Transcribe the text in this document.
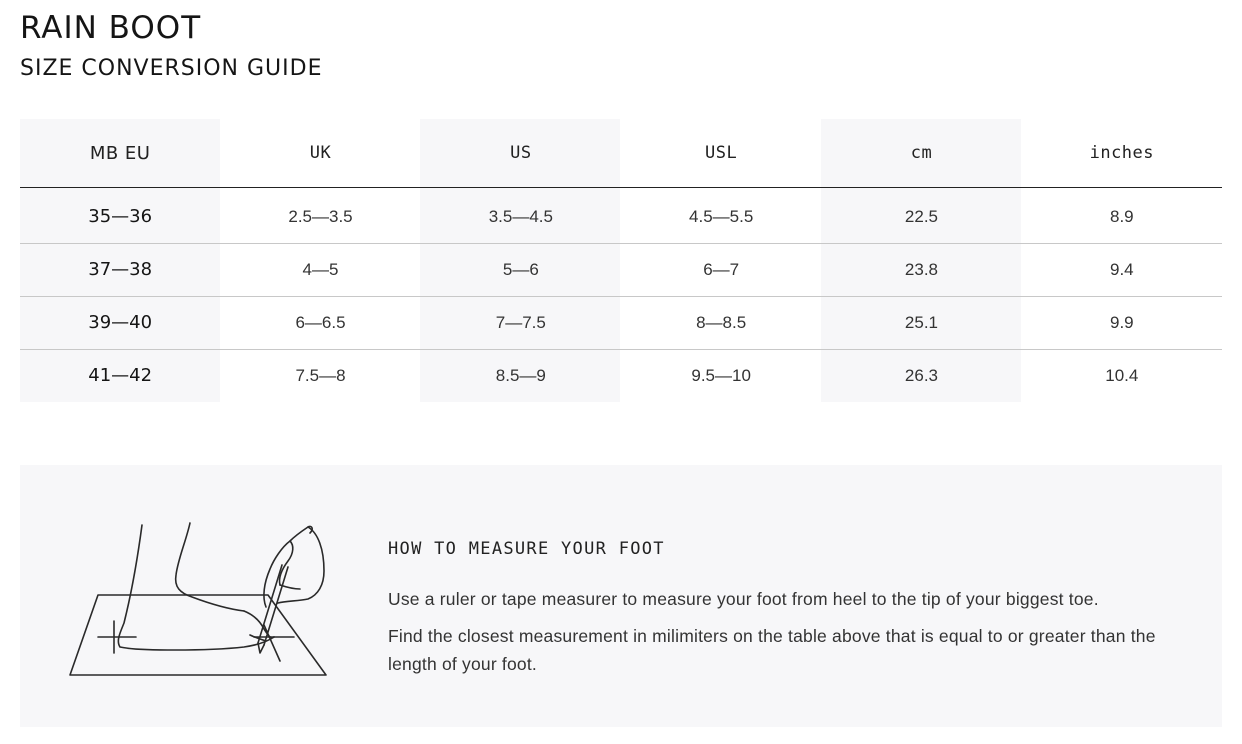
RAIN BOOT
SIZE CONVERSION GUIDE
MB EU	UK	US	USL	cm	inches
35—36	2.5—3.5	3.5—4.5	4.5—5.5	22.5	8.9
37—38	4—5	5—6	6—7	23.8	9.4
39—40	6—6.5	7—7.5	8—8.5	25.1	9.9
41—42	7.5—8	8.5—9	9.5—10	26.3	10.4
HOW TO MEASURE YOUR FOOT
Use a ruler or tape measurer to measure your foot from heel to the tip of your biggest toe.
Find the closest measurement in milimiters on the table above that is equal to or greater than the length of your foot.
